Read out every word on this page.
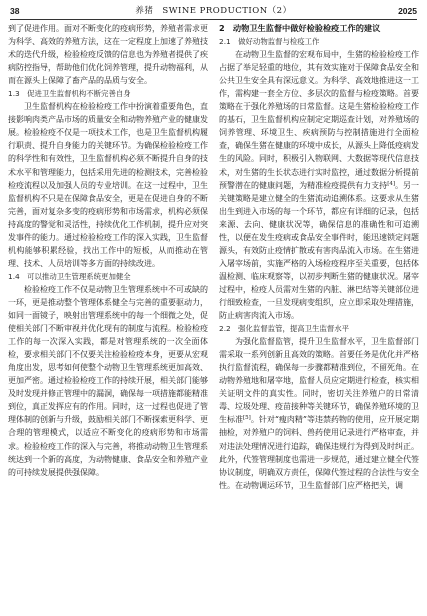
38	养猪　SWINE PRODUCTION（2）	2025

到了促进作用。面对不断变化的疫病形势，养殖者需求更为科学、高效的养殖方法，这在一定程度上加速了养殖技术的迭代升级，检验检疫反馈的信息也为养殖者提供了疾病防控指导，帮助他们优化饲养管理，提升动物福利，从而在源头上保障了畜产品的品质与安全。

1.3　促进卫生监督机构不断完善自身

卫生监督机构在检验检疫工作中扮演着重要角色，直接影响肉类产品市场的质量安全和动物养殖产业的健康发展。检验检疫不仅是一项技术工作，也是卫生监督机构履行职责、提升自身能力的关键环节。为确保检验检疫工作的科学性和有效性，卫生监督机构必须不断提升自身的技术水平和管理能力，包括采用先进的检测技术，完善检验检疫流程以及加强人员的专业培训。在这一过程中，卫生监督机构不只是在保障食品安全，更是在促进自身的不断完善，面对复杂多变的疫病形势和市场需求，机构必须保持高度的警觉和灵活性，持续优化工作机制，提升应对突发事件的能力。通过检验检疫工作的深入实践，卫生监督机构能够积累经验，找出工作中的短板，从而推动在管理、技术、人员培训等多方面的持续改进。

1.4　可以推动卫生管理系统更加健全

检验检疫工作不仅是动物卫生管理系统中不可或缺的一环，更是推动整个管理体系健全与完善的重要驱动力，如同一面镜子，映射出管理系统中的每一个细微之处，促使相关部门不断审视并优化现有的制度与流程。检验检疫工作的每一次深入实践，都是对管理系统的一次全面体检，要求相关部门不仅要关注检验检疫本身，更要从宏观角度出发，思考如何使整个动物卫生管理系统更加高效、更加严密。通过检验检疫工作的持续开展，相关部门能够及时发现并修正管理中的漏洞，确保每一项措施都能精准到位，真正发挥应有的作用。同时，这一过程也促进了管理体制的创新与升级，鼓励相关部门不断探索更科学、更合理的管理模式，以适应不断变化的疫病形势和市场需求。检验检疫工作的深入与完善，将推动动物卫生管理系统达到一个新的高度，为动物健康、食品安全和养殖产业的可持续发展提供强保障。

2　动物卫生监督中做好检验检疫工作的建议
2.1　做好动物监督与检疫工作

在动物卫生监督的宏观布局中，生猪的检验检疫工作占据了举足轻重的地位，其有效实施对于保障食品安全和公共卫生安全具有深远意义。为科学、高效地推进这一工作，需构建一套全方位、多层次的监督与检疫策略。首要策略在于强化养殖场的日常监督。这是生猪检验检疫工作的基石，卫生监督机构应制定定期巡查计划，对养殖场的饲养管理、环境卫生、疾病预防与控制措施进行全面检查，确保生猪在健康的环境中成长，从源头上降低疫病发生的风险。同时，积极引入物联网、大数据等现代信息技术，对生猪的生长状态进行实时监控，通过数据分析提前预警潜在的健康问题，为精准检疫提供有力支持[4]。另一关键策略是建立健全的生猪流动追溯体系。这要求从生猪出生到进入市场的每一个环节，都应有详细的记录，包括来源、去向、健康状况等，确保信息的准确性和可追溯性，以便在发生疫病或食品安全事件时，能迅速锁定问题源头，有效防止疫情扩散或有害肉品流入市场。在生猪进入屠宰场前，实施严格的入场检疫程序至关重要，包括体温检测、临床观察等，以初步判断生猪的健康状况。屠宰过程中，检疫人员需对生猪的内脏、淋巴结等关键部位进行细致检查，一旦发现病变组织，应立即采取处理措施，防止病害肉流入市场。

2.2　强化监督监管，提高卫生监督水平

为强化监督监管，提升卫生监督水平，卫生监督部门需采取一系列创新且高效的策略。首要任务是优化并严格执行监督流程，确保每一步骤都精准到位，不留死角。在动物养殖地和屠宰地，监督人员应定期进行检查，核实相关证明文件的真实性。同时，密切关注养殖户的日常清毒、垃圾处理、疫苗接种等关键环节，确保养殖环境的卫生标准[5]。针对“瘦肉精”等违禁药物的使用，应开展定期抽检，对养殖户的饲料、兽药使用记录进行严格审查，并对违法处理情况进行追踪，确保违规行为得到及时纠正。此外，代签管理制度也需进一步规范，通过建立健全代签协议制度，明确双方责任，保障代签过程的合法性与安全性。在动物调运环节，卫生监督部门应严格把关，调
